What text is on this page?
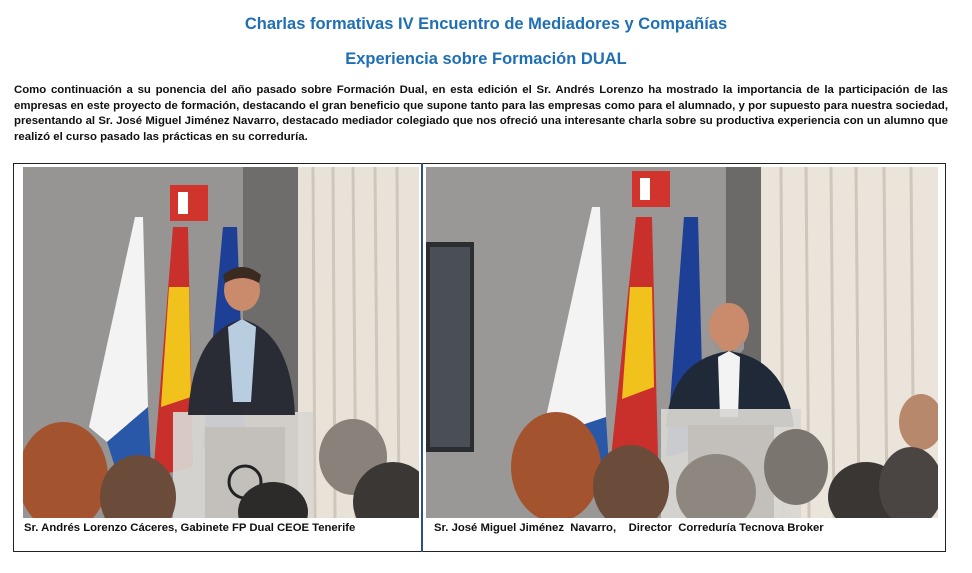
Charlas formativas IV Encuentro de Mediadores y Compañías
Experiencia sobre Formación DUAL
Como continuación a su ponencia del año pasado sobre Formación Dual, en esta edición el Sr. Andrés Lorenzo ha mostrado la importancia de la participación de las empresas en este proyecto de formación, destacando el gran beneficio que supone tanto para las empresas como para el alumnado, y por supuesto para nuestra sociedad, presentando al Sr. José Miguel Jiménez Navarro, destacado mediador colegiado que nos ofreció una interesante charla sobre su productiva experiencia con un alumno que realizó el curso pasado las prácticas en su correduría.
Sr. Andrés Lorenzo Cáceres, Gabinete FP Dual CEOE Tenerife	Sr. José Miguel Jiménez  Navarro,    Director  Correduría Tecnova Broker
